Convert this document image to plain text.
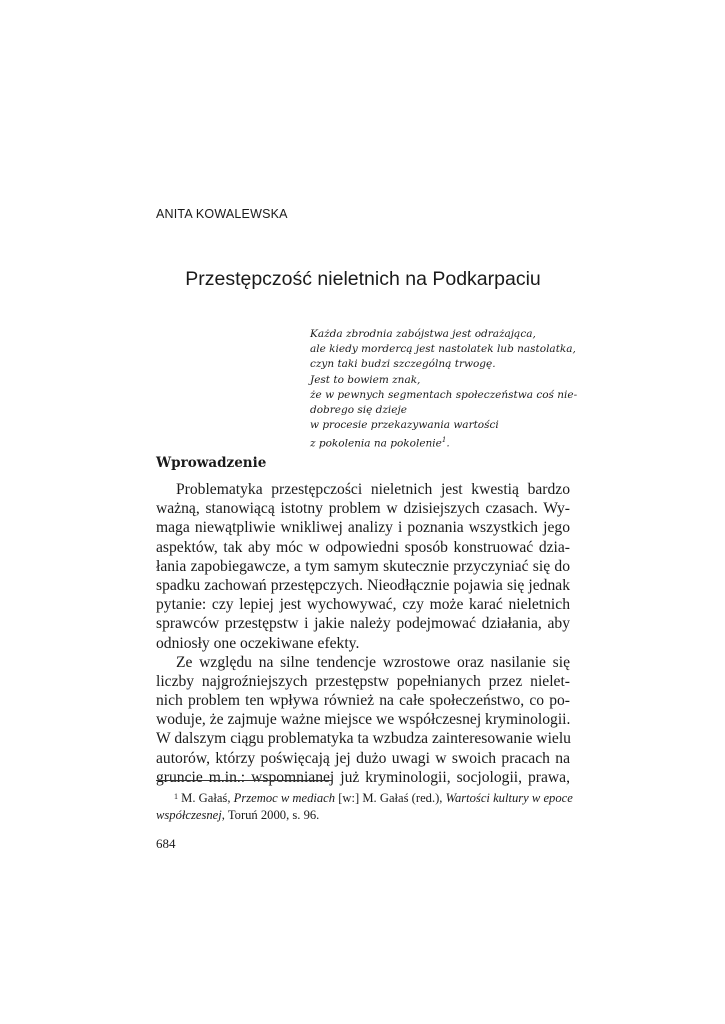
ANITA KOWALEWSKA
Przestępczość nieletnich na Podkarpaciu
Każda zbrodnia zabójstwa jest odrażająca,
ale kiedy mordercą jest nastolatek lub nastolatka,
czyn taki budzi szczególną trwogę.
Jest to bowiem znak,
że w pewnych segmentach społeczeństwa coś nie-
dobrego się dzieje
w procesie przekazywania wartości
z pokolenia na pokolenie$^1$.
Wprowadzenie
Problematyka przestępczości nieletnich jest kwestią bardzo
ważną, stanowiącą istotny problem w dzisiejszych czasach. Wy-
maga niewątpliwie wnikliwej analizy i poznania wszystkich jego
aspektów, tak aby móc w odpowiedni sposób konstruować dzia-
łania zapobiegawcze, a tym samym skutecznie przyczyniać się do
spadku zachowań przestępczych. Nieodłącznie pojawia się jednak
pytanie: czy lepiej jest wychowywać, czy może karać nieletnich
sprawców przestępstw i jakie należy podejmować działania, aby
odniosły one oczekiwane efekty.
Ze względu na silne tendencje wzrostowe oraz nasilanie się
liczby najgroźniejszych przestępstw popełnianych przez nielet-
nich problem ten wpływa również na całe społeczeństwo, co po-
woduje, że zajmuje ważne miejsce we współczesnej kryminologii.
W dalszym ciągu problematyka ta wzbudza zainteresowanie wielu
autorów, którzy poświęcają jej dużo uwagi w swoich pracach na
gruncie m.in.: wspomnianej już kryminologii, socjologii, prawa,
$^1$ M. Gałaś, Przemoc w mediach [w:] M. Gałaś (red.), Wartości kultury w epoce
współczesnej, Toruń 2000, s. 96.
684
